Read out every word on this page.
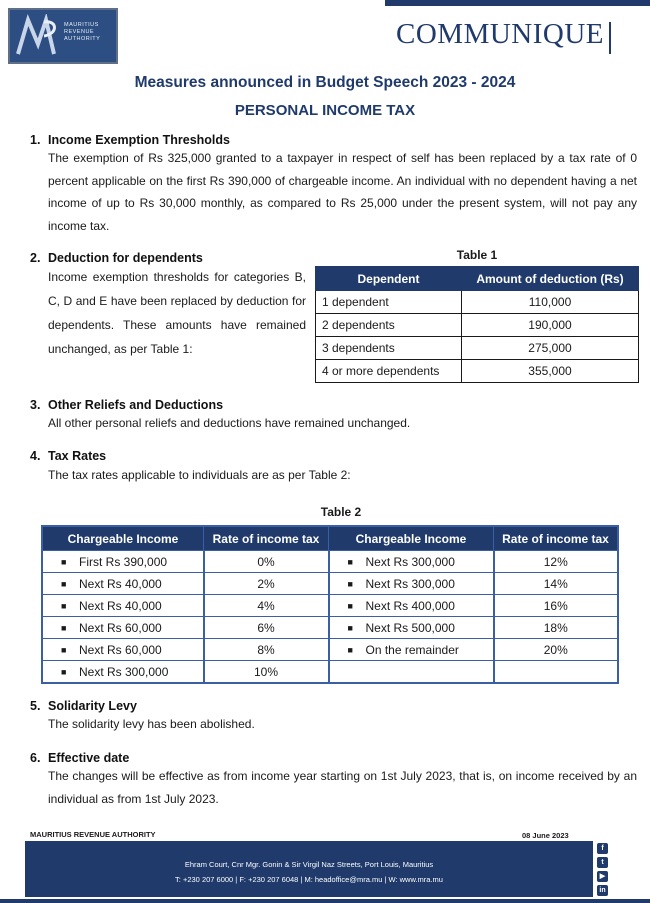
MAURITIUS
REVENUE
AUTHORITY	COMMUNIQUE
Measures announced in Budget Speech 2023 - 2024
PERSONAL INCOME TAX
1. Income Exemption Thresholds
The exemption of Rs 325,000 granted to a taxpayer in respect of self has been replaced by a tax rate of 0 percent applicable on the first Rs 390,000 of chargeable income. An individual with no dependent having a net income of up to Rs 30,000 monthly, as compared to Rs 25,000 under the present system, will not pay any income tax.
2. Deduction for dependents
Income exemption thresholds for categories B, C, D and E have been replaced by deduction for dependents. These amounts have remained unchanged, as per Table 1:
Table 1
Dependent	Amount of deduction (Rs)
1 dependent	110,000
2 dependents	190,000
3 dependents	275,000
4 or more dependents	355,000
3. Other Reliefs and Deductions
All other personal reliefs and deductions have remained unchanged.
4. Tax Rates
The tax rates applicable to individuals are as per Table 2:
Table 2
Chargeable Income	Rate of income tax	Chargeable Income	Rate of income tax
■ First Rs 390,000	0%	■ Next Rs 300,000	12%
■ Next Rs 40,000	2%	■ Next Rs 300,000	14%
■ Next Rs 40,000	4%	■ Next Rs 400,000	16%
■ Next Rs 60,000	6%	■ Next Rs 500,000	18%
■ Next Rs 60,000	8%	■ On the remainder	20%
■ Next Rs 300,000	10%		
5. Solidarity Levy
The solidarity levy has been abolished.
6. Effective date
The changes will be effective as from income year starting on 1st July 2023, that is, on income received by an individual as from 1st July 2023.
MAURITIUS REVENUE AUTHORITY	08 June 2023
Ehram Court, Cnr Mgr. Gonin & Sir Virgil Naz Streets, Port Louis, Mauritius
T: +230 207 6000 | F: +230 207 6048 | M: headoffice@mra.mu | W: www.mra.mu
f
t
▶
in
